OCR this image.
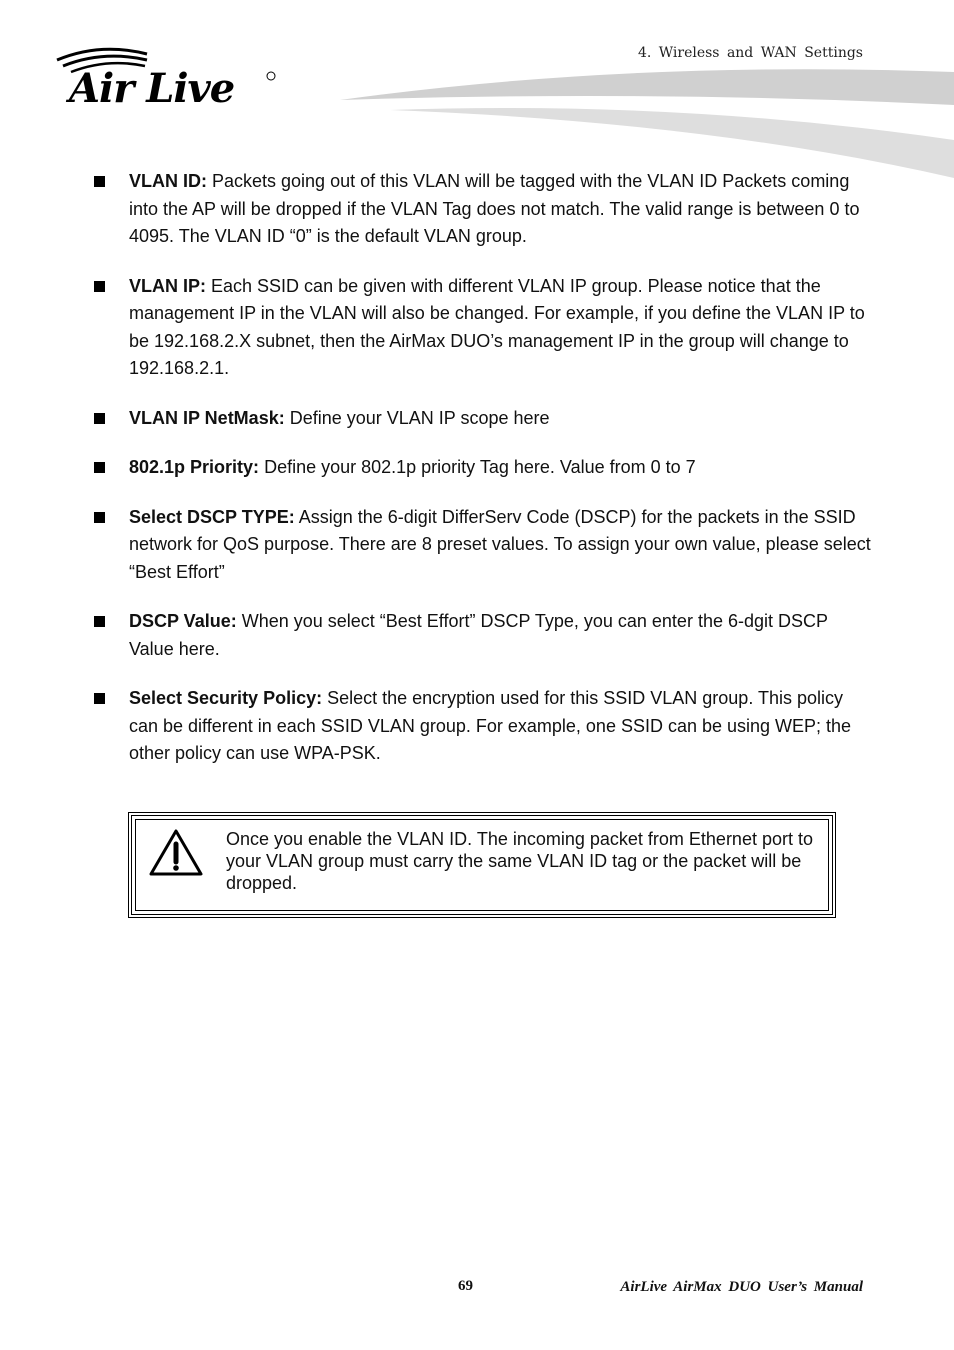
Air Live
4. Wireless and WAN Settings
VLAN ID: Packets going out of this VLAN will be tagged with the VLAN ID Packets coming into the AP will be dropped if the VLAN Tag does not match. The valid range is between 0 to 4095. The VLAN ID “0” is the default VLAN group.
VLAN IP: Each SSID can be given with different VLAN IP group. Please notice that the management IP in the VLAN will also be changed. For example, if you define the VLAN IP to be 192.168.2.X subnet, then the AirMax DUO’s management IP in the group will change to 192.168.2.1.
VLAN IP NetMask: Define your VLAN IP scope here
802.1p Priority: Define your 802.1p priority Tag here. Value from 0 to 7
Select DSCP TYPE: Assign the 6-digit DifferServ Code (DSCP) for the packets in the SSID network for QoS purpose. There are 8 preset values. To assign your own value, please select “Best Effort”
DSCP Value: When you select “Best Effort” DSCP Type, you can enter the 6-dgit DSCP Value here.
Select Security Policy: Select the encryption used for this SSID VLAN group. This policy can be different in each SSID VLAN group. For example, one SSID can be using WEP; the other policy can use WPA-PSK.
Once you enable the VLAN ID. The incoming packet from Ethernet port to your VLAN group must carry the same VLAN ID tag or the packet will be dropped.
69	AirLive AirMax DUO User’s Manual
